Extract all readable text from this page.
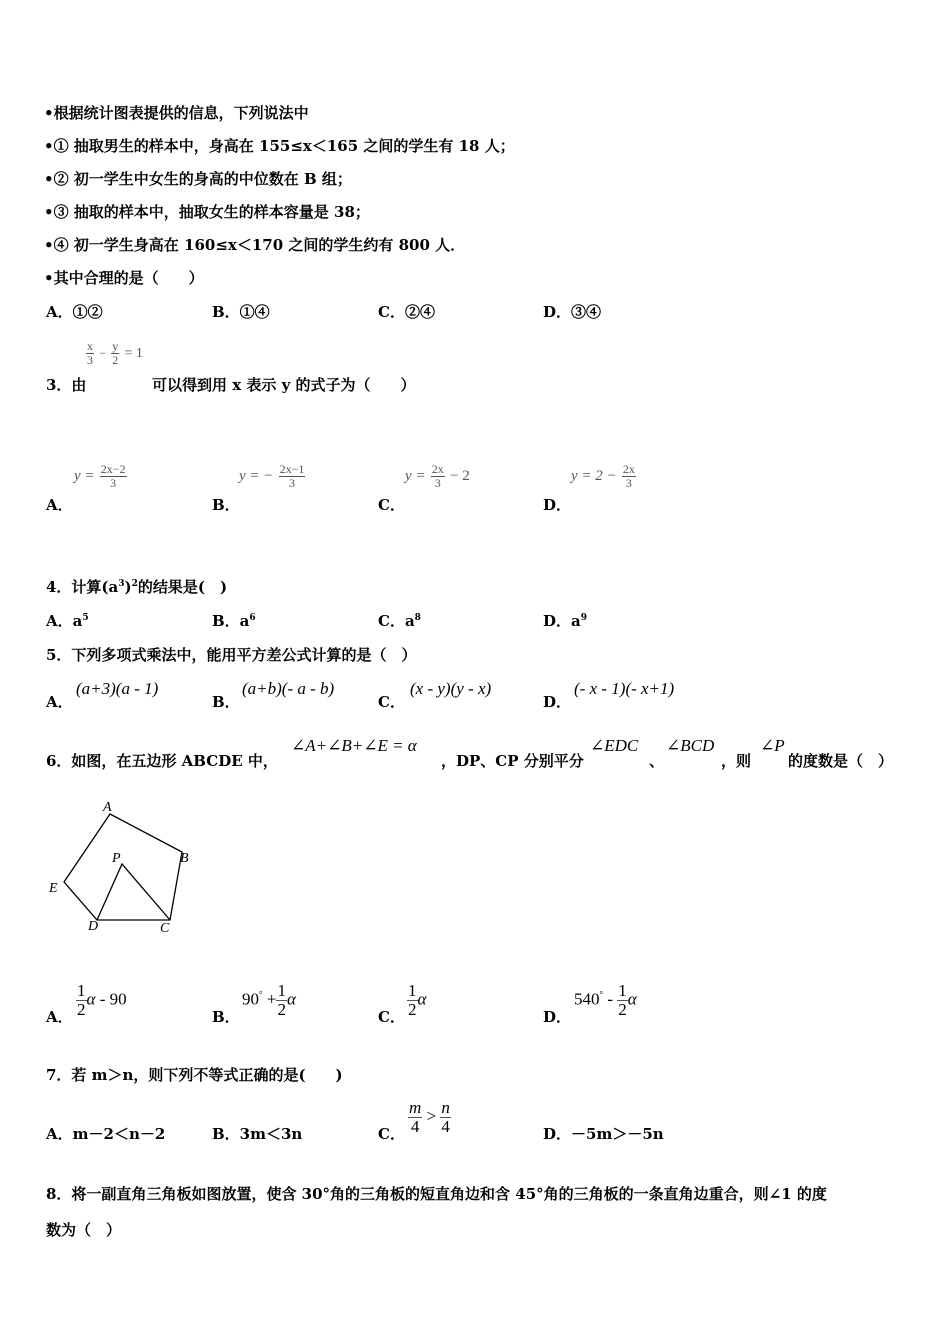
•根据统计图表提供的信息，下列说法中
•① 抽取男生的样本中，身高在 155≤x＜165 之间的学生有 18 人；
•② 初一学生中女生的身高的中位数在 B 组；
•③ 抽取的样本中，抽取女生的样本容量是 38；
•④ 初一学生身高在 160≤x＜170 之间的学生约有 800 人．
•其中合理的是（　　）
A．①②	B．①④	C．②④	D．③④
$\frac{x}{3} - \frac{y}{2} = 1$
3．由	可以得到用 x 表示 y 的式子为（　　）
$y = \frac{2x-2}{3}$	y = − $\frac{2x-1}{3}$	$y = \frac{2x}{3} - 2$	$y = 2 - \frac{2x}{3}$
A．	B．	C．	D．
4．计算$(a^3)^2$的结果是(　)
A．$a^5$	B．$a^6$	C．$a^8$	D．$a^9$
5．下列多项式乘法中，能用平方差公式计算的是（　）
A．
(a+3)(a - 1)
B．
(a+b)(- a - b)
C．
(x - y)(y - x)
D．
(- x - 1)(- x+1)
6．如图，在五边形 ABCDE 中，
∠A+∠B+∠E = α
，DP、CP 分别平分
∠EDC
、
∠BCD
，则
∠P
的度数是（　）
A
B
C
D
E
P
A． $\frac{1}{2}$ α - 90
B．
$90^\circ + \frac{1}{2}$ α
C． $\frac{1}{2}$ α
D．
$540^\circ - \frac{1}{2}$ α
7．若 m＞n，则下列不等式正确的是(　　)
A．m－2＜n－2	B．3m＜3n	C． $\frac{m}{4} > \frac{n}{4}$	D．－5m＞－5n
8．将一副直角三角板如图放置，使含 30°角的三角板的短直角边和含 45°角的三角板的一条直角边重合，则∠1 的度
数为（　）
